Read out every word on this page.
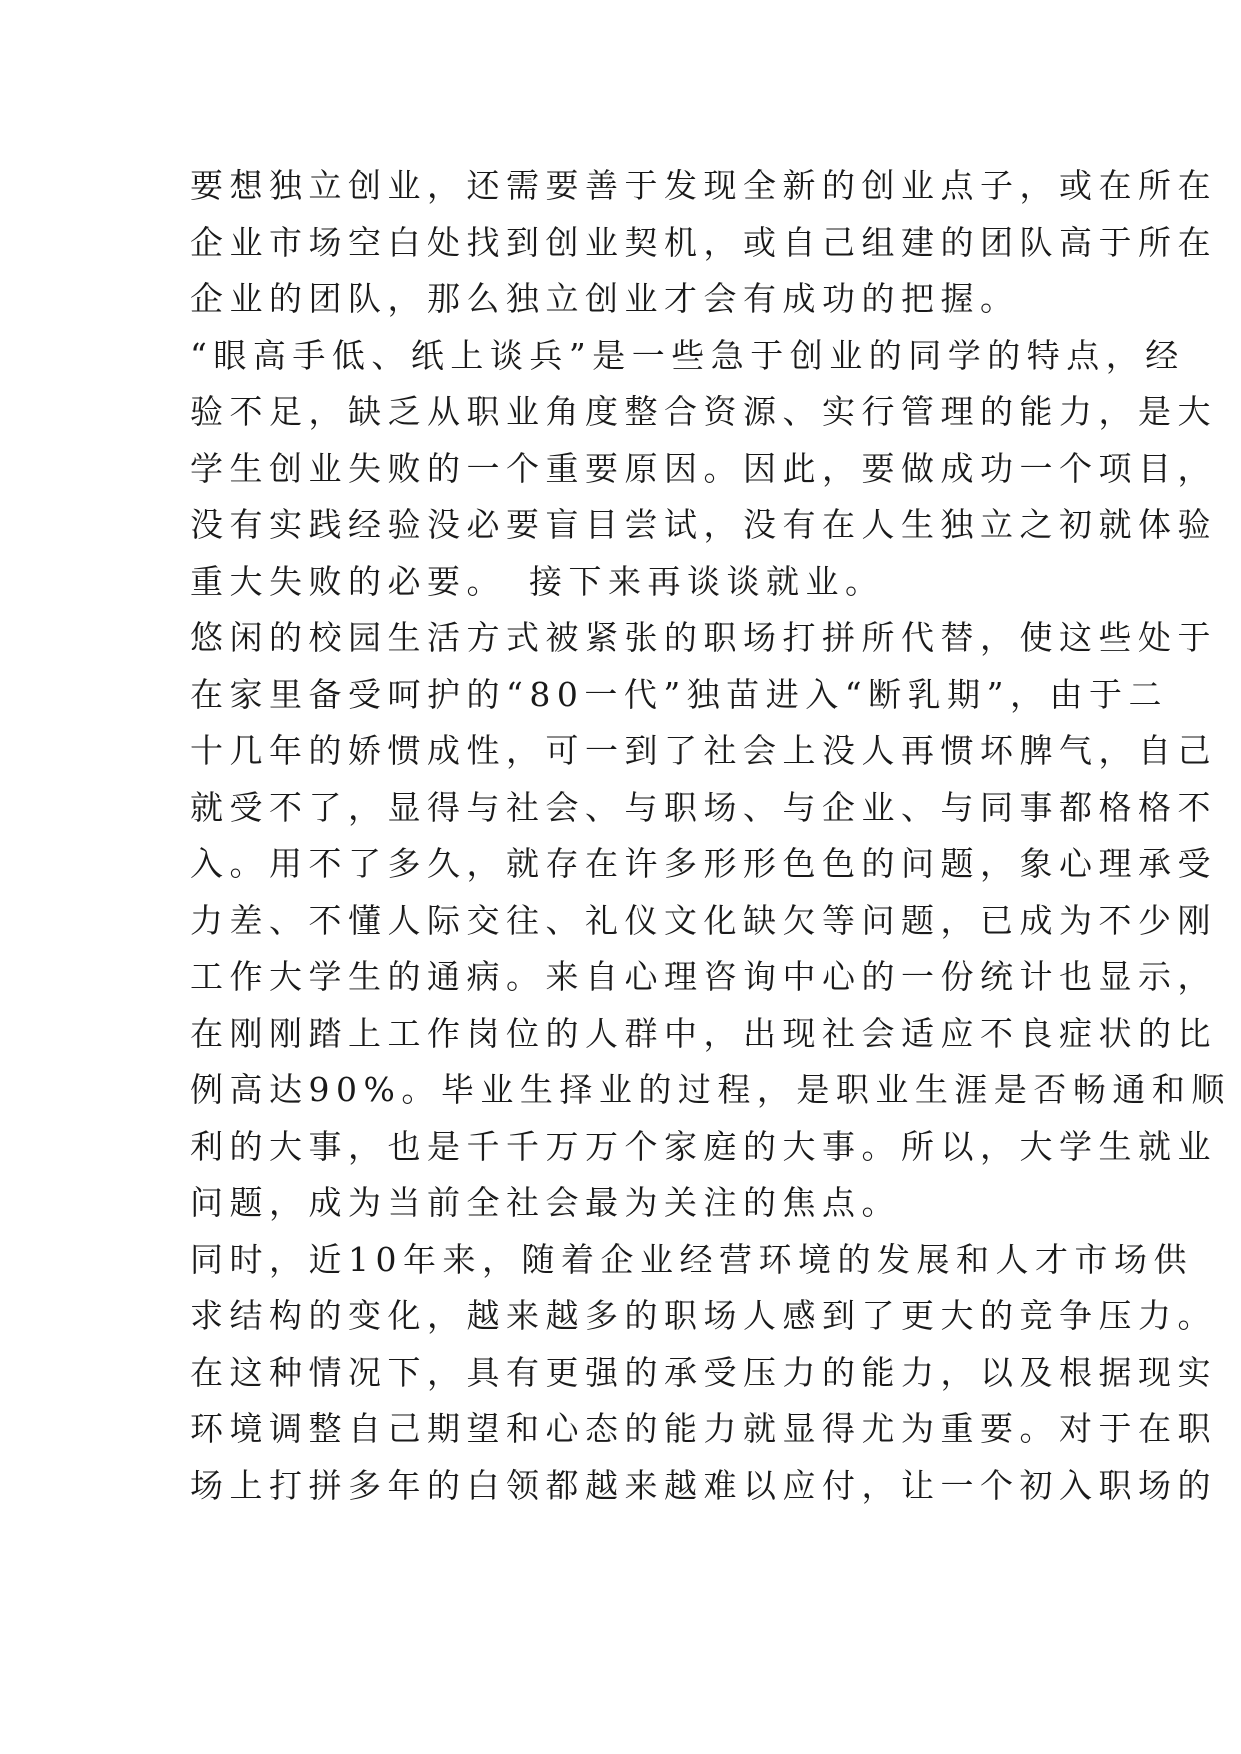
要想独立创业，还需要善于发现全新的创业点子，或在所在
企业市场空白处找到创业契机，或自己组建的团队高于所在
企业的团队，那么独立创业才会有成功的把握。
“眼高手低、纸上谈兵”是一些急于创业的同学的特点，经
验不足，缺乏从职业角度整合资源、实行管理的能力，是大
学生创业失败的一个重要原因。因此，要做成功一个项目，
没有实践经验没必要盲目尝试，没有在人生独立之初就体验
重大失败的必要。　接下来再谈谈就业。
悠闲的校园生活方式被紧张的职场打拼所代替，使这些处于
在家里备受呵护的“80一代”独苗进入“断乳期”，由于二
十几年的娇惯成性，可一到了社会上没人再惯坏脾气，自己
就受不了，显得与社会、与职场、与企业、与同事都格格不
入。用不了多久，就存在许多形形色色的问题，象心理承受
力差、不懂人际交往、礼仪文化缺欠等问题，已成为不少刚
工作大学生的通病。来自心理咨询中心的一份统计也显示，
在刚刚踏上工作岗位的人群中，出现社会适应不良症状的比
例高达90%。毕业生择业的过程，是职业生涯是否畅通和顺
利的大事，也是千千万万个家庭的大事。所以，大学生就业
问题，成为当前全社会最为关注的焦点。
同时，近10年来，随着企业经营环境的发展和人才市场供
求结构的变化，越来越多的职场人感到了更大的竞争压力。
在这种情况下，具有更强的承受压力的能力，以及根据现实
环境调整自己期望和心态的能力就显得尤为重要。对于在职
场上打拼多年的白领都越来越难以应付，让一个初入职场的
